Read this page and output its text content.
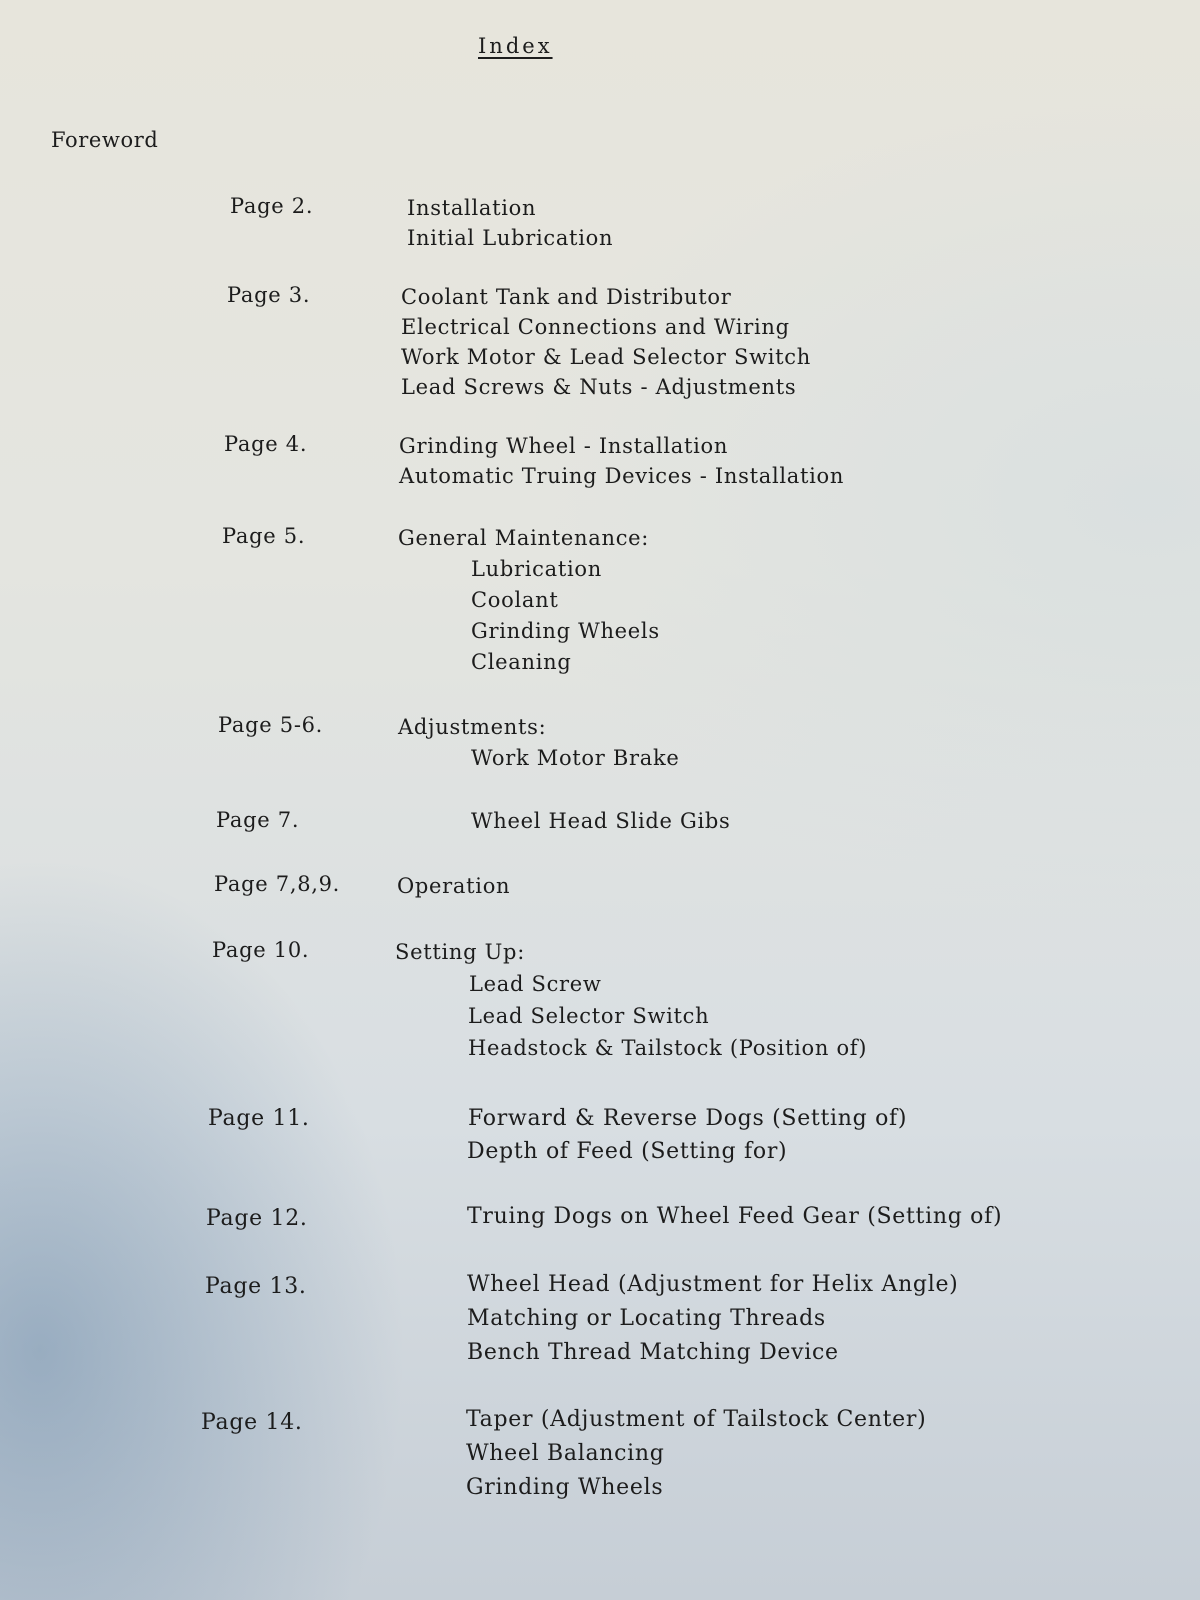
Index
Foreword
Page 2.	Installation
Initial Lubrication
Page 3.	Coolant Tank and Distributor
Electrical Connections and Wiring
Work Motor & Lead Selector Switch
Lead Screws & Nuts - Adjustments
Page 4.	Grinding Wheel - Installation
Automatic Truing Devices - Installation
Page 5.	General Maintenance:
Lubrication
Coolant
Grinding Wheels
Cleaning
Page 5-6.	Adjustments:
Work Motor Brake
Page 7.	Wheel Head Slide Gibs
Page 7,8,9.	Operation
Page 10.	Setting Up:
Lead Screw
Lead Selector Switch
Headstock & Tailstock (Position of)
Page 11.	Forward & Reverse Dogs (Setting of)
Depth of Feed (Setting for)
Page 12.	Truing Dogs on Wheel Feed Gear (Setting of)
Page 13.	Wheel Head (Adjustment for Helix Angle)
Matching or Locating Threads
Bench Thread Matching Device
Page 14.	Taper (Adjustment of Tailstock Center)
Wheel Balancing
Grinding Wheels
